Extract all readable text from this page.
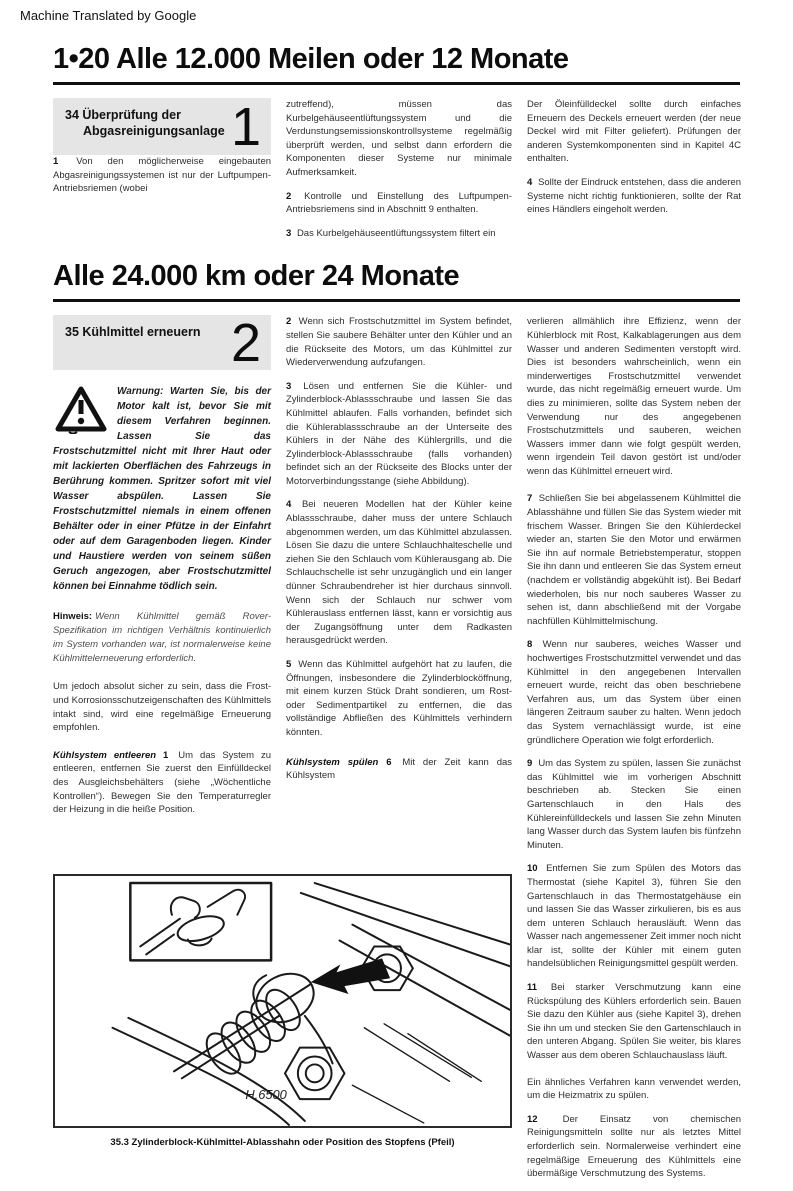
Machine Translated by Google
1•20 Alle 12.000 Meilen oder 12 Monate

34 Überprüfung der Abgasreinigungsanlage 1

1 Von den möglicherweise eingebauten Abgasreinigungssystemen ist nur der Luftpumpen-Antriebsriemen (wobei

zutreffend), müssen das Kurbelgehäuseentlüftungssystem und die Verdunstungsemissionskontrollsysteme regelmäßig überprüft werden, und selbst dann erfordern die Komponenten dieser Systeme nur minimale Aufmerksamkeit.

2 Kontrolle und Einstellung des Luftpumpen-Antriebsriemens sind in Abschnitt 9 enthalten.

3 Das Kurbelgehäuseentlüftungssystem filtert ein

Der Öleinfülldeckel sollte durch einfaches Erneuern des Deckels erneuert werden (der neue Deckel wird mit Filter geliefert). Prüfungen der anderen Systemkomponenten sind in Kapitel 4C enthalten.

4 Sollte der Eindruck entstehen, dass die anderen Systeme nicht richtig funktionieren, sollte der Rat eines Händlers eingeholt werden.

Alle 24.000 km oder 24 Monate

35 Kühlmittel erneuern 2
Warnung: Warten Sie, bis der Motor kalt ist, bevor Sie mit diesem Verfahren beginnen. Lassen Sie das Frostschutzmittel nicht mit Ihrer Haut oder mit lackierten Oberflächen des Fahrzeugs in Berührung kommen. Spritzer sofort mit viel Wasser abspülen. Lassen Sie Frostschutzmittel niemals in einem offenen Behälter oder in einer Pfütze in der Einfahrt oder auf dem Garagenboden liegen. Kinder und Haustiere werden von seinem süßen Geruch angezogen, aber Frostschutzmittel können bei Einnahme tödlich sein.

Hinweis: Wenn Kühlmittel gemäß Rover-Spezifikation im richtigen Verhältnis kontinuierlich im System vorhanden war, ist normalerweise keine Kühlmittelerneuerung erforderlich.

Um jedoch absolut sicher zu sein, dass die Frost- und Korrosionsschutzeigenschaften des Kühlmittels intakt sind, wird eine regelmäßige Erneuerung empfohlen.

Kühlsystem entleeren 1 Um das System zu entleeren, entfernen Sie zuerst den Einfülldeckel des Ausgleichsbehälters (siehe „Wöchentliche Kontrollen“). Bewegen Sie den Temperaturregler der Heizung in die heiße Position.

2 Wenn sich Frostschutzmittel im System befindet, stellen Sie saubere Behälter unter den Kühler und an die Rückseite des Motors, um das Kühlmittel zur Wiederverwendung aufzufangen.

3 Lösen und entfernen Sie die Kühler- und Zylinderblock-Ablassschraube und lassen Sie das Kühlmittel ablaufen. Falls vorhanden, befindet sich die Kühlerablassschraube an der Unterseite des Kühlers in der Nähe des Kühlergrills, und die Zylinderblock-Ablassschraube (falls vorhanden) befindet sich an der Rückseite des Blocks unter der Motorverbindungsstange (siehe Abbildung).

4 Bei neueren Modellen hat der Kühler keine Ablassschraube, daher muss der untere Schlauch abgenommen werden, um das Kühlmittel abzulassen. Lösen Sie dazu die untere Schlauchhalteschelle und ziehen Sie den Schlauch vom Kühlerausgang ab. Die Schlauchschelle ist sehr unzugänglich und ein langer dünner Schraubendreher ist hier durchaus sinnvoll. Wenn sich der Schlauch nur schwer vom Kühlerauslass entfernen lässt, kann er vorsichtig aus der Zugangsöffnung unter dem Radkasten herausgedrückt werden.

5 Wenn das Kühlmittel aufgehört hat zu laufen, die Öffnungen, insbesondere die Zylinderblocköffnung, mit einem kurzen Stück Draht sondieren, um Rost- oder Sedimentpartikel zu entfernen, die das vollständige Abfließen des Kühlmittels verhindern könnten.

Kühlsystem spülen 6 Mit der Zeit kann das Kühlsystem

verlieren allmählich ihre Effizienz, wenn der Kühlerblock mit Rost, Kalkablagerungen aus dem Wasser und anderen Sedimenten verstopft wird. Dies ist besonders wahrscheinlich, wenn ein minderwertiges Frostschutzmittel verwendet wurde, das nicht regelmäßig erneuert wurde. Um dies zu minimieren, sollte das System neben der Verwendung nur des angegebenen Frostschutzmittels und sauberen, weichen Wassers immer dann wie folgt gespült werden, wenn irgendein Teil davon gestört ist und/oder wenn das Kühlmittel erneuert wird.

7 Schließen Sie bei abgelassenem Kühlmittel die Ablasshähne und füllen Sie das System wieder mit frischem Wasser. Bringen Sie den Kühlerdeckel wieder an, starten Sie den Motor und erwärmen Sie ihn auf normale Betriebstemperatur, stoppen Sie ihn dann und entleeren Sie das System erneut (nachdem er vollständig abgekühlt ist). Bei Bedarf wiederholen, bis nur noch sauberes Wasser zu sehen ist, dann abschließend mit der Vorgabe nachfüllen Kühlmittelmischung.

8 Wenn nur sauberes, weiches Wasser und hochwertiges Frostschutzmittel verwendet und das Kühlmittel in den angegebenen Intervallen erneuert wurde, reicht das oben beschriebene Verfahren aus, um das System über einen längeren Zeitraum sauber zu halten. Wenn jedoch das System vernachlässigt wurde, ist eine gründlichere Operation wie folgt erforderlich.

9 Um das System zu spülen, lassen Sie zunächst das Kühlmittel wie im vorherigen Abschnitt beschrieben ab. Stecken Sie einen Gartenschlauch in den Hals des Kühlereinfülldeckels und lassen Sie zehn Minuten lang Wasser durch das System laufen bis fünfzehn Minuten.

10 Entfernen Sie zum Spülen des Motors das Thermostat (siehe Kapitel 3), führen Sie den Gartenschlauch in das Thermostatgehäuse ein und lassen Sie das Wasser zirkulieren, bis es aus dem unteren Schlauch herausläuft. Wenn das Wasser nach angemessener Zeit immer noch nicht klar ist, sollte der Kühler mit einem guten handelsüblichen Reinigungsmittel gespült werden.

11 Bei starker Verschmutzung kann eine Rückspülung des Kühlers erforderlich sein. Bauen Sie dazu den Kühler aus (siehe Kapitel 3), drehen Sie ihn um und stecken Sie den Gartenschlauch in den unteren Abgang. Spülen Sie weiter, bis klares Wasser aus dem oberen Schlauchauslass läuft.

Ein ähnliches Verfahren kann verwendet werden, um die Heizmatrix zu spülen.

12	Der Einsatz von chemischen Reinigungsmitteln sollte nur als letztes Mittel erforderlich sein. Normalerweise verhindert eine regelmäßige Erneuerung des Kühlmittels eine übermäßige Verschmutzung des Systems.

H.6500
35.3 Zylinderblock-Kühlmittel-Ablasshahn oder Position des Stopfens (Pfeil)
